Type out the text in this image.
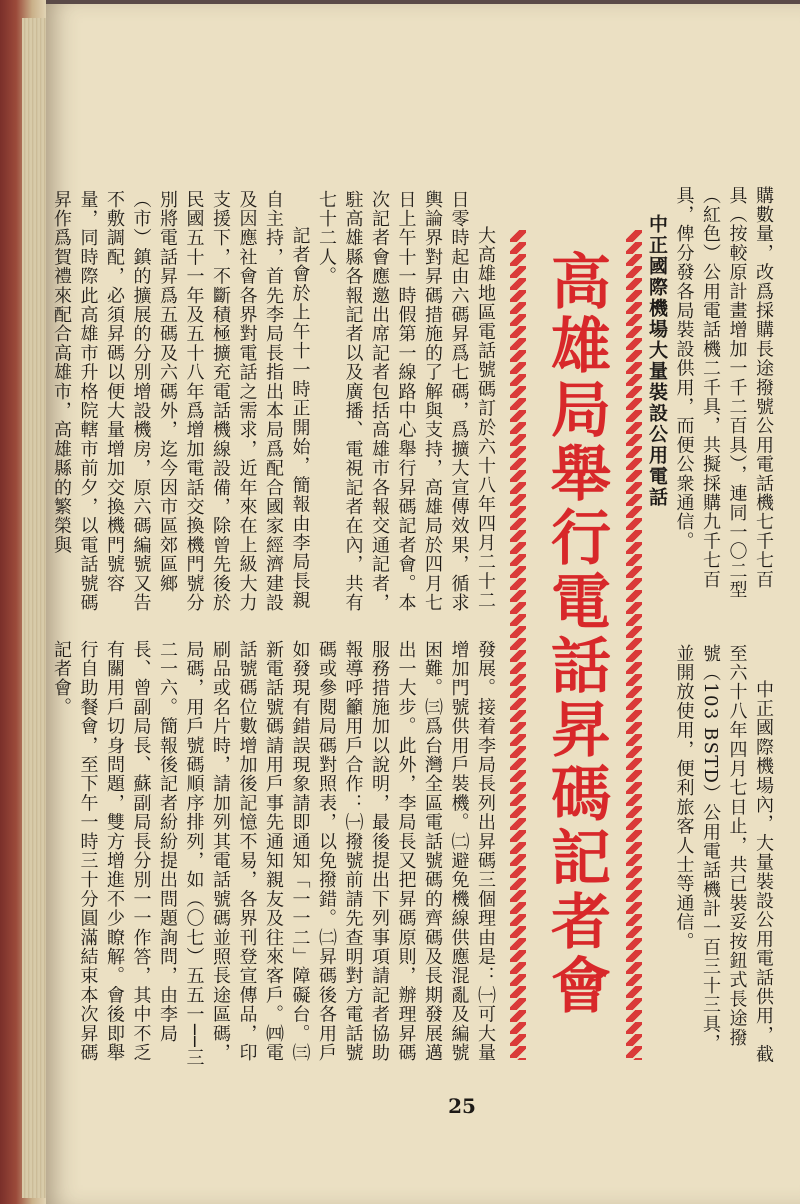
購數量，改爲採購長途撥號公用電話機七千七百具（按較原計畫增加一千二百具），連同一〇二型（紅色）公用電話機二千具，共擬採購九千七百具，俾分發各局裝設供用，而便公衆通信。

中正國際機場大量裝設公用電話

中正國際機場內，大量裝設公用電話供用，截至六十八年四月七日止，共已裝妥按鈕式長途撥號（103 BSTD）公用電話機計一百三十三具，並開放使用，便利旅客人士等通信。

高雄局舉行電話昇碼記者會

大高雄地區電話號碼訂於六十八年四月二十二日零時起由六碼昇爲七碼，爲擴大宣傳效果，循求輿論界對昇碼措施的了解與支持，高雄局於四月七日上午十一時假第一線路中心舉行昇碼記者會。本次記者會應邀出席記者包括高雄市各報交通記者，駐高雄縣各報記者以及廣播、電視記者在內，共有七十二人。

記者會於上午十一時正開始，簡報由李局長親自主持，首先李局長指出本局爲配合國家經濟建設及因應社會各界對電話之需求，近年來在上級大力支援下，不斷積極擴充電話機線設備，除曾先後於民國五十一年及五十八年爲增加電話交換機門號分別將電話昇爲五碼及六碼外，迄今因市區郊區鄉（市）鎮的擴展的分別增設機房，原六碼編號又告不敷調配，必須昇碼以便大量增加交換機門號容量，同時際此高雄市升格院轄市前夕，以電話號碼昇作爲賀禮來配合高雄市，高雄縣的繁榮與

發展。接着李局長列出昇碼三個理由是：㈠可大量增加門號供用戶裝機。㈡避免機線供應混亂及編號困難。㈢爲台灣全區電話號碼的齊碼及長期發展邁出一大步。此外，李局長又把昇碼原則，辦理昇碼服務措施加以說明，最後提出下列事項請記者協助報導呼籲用戶合作：㈠撥號前請先查明對方電話號碼或參閱局碼對照表，以免撥錯。㈡昇碼後各用戶如發現有錯誤現象請即通知「一一二」障礙台。㈢新電話號碼請用戶事先通知親友及往來客戶。㈣電話號碼位數增加後記憶不易，各界刊登宣傳品，印刷品或名片時，請加列其電話號碼並照長途區碼，局碼，用戶號碼順序排列，如（〇七）五五一──三二一六。簡報後記者紛紛提出問題詢問，由李局長、曾副局長、蘇副局長分別一一作答，其中不乏有關用戶切身問題，雙方增進不少瞭解。會後即舉行自助餐會，至下午一時三十分圓滿結束本次昇碼記者會。

25
